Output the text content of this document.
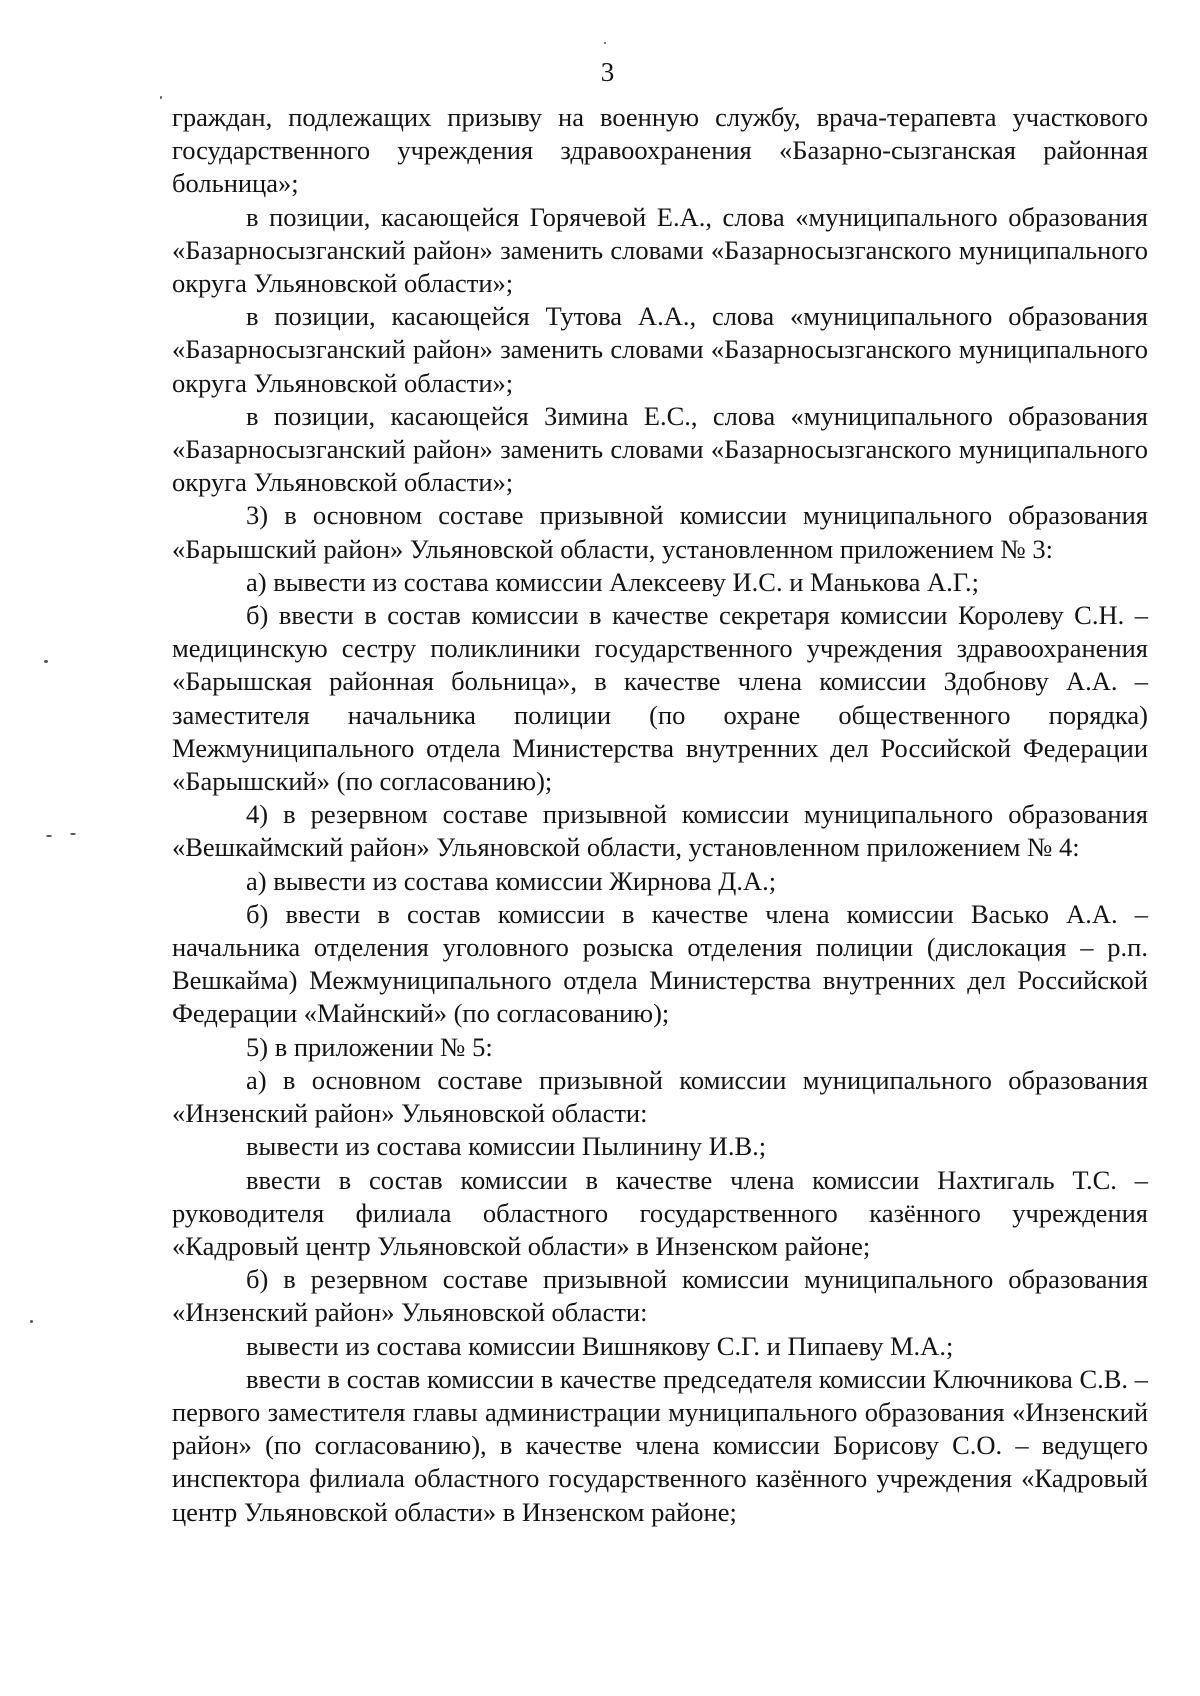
3

граждан, подлежащих призыву на военную службу, врача-терапевта участкового государственного учреждения здравоохранения «Базарно-сызганская районная больница»;

в позиции, касающейся Горячевой Е.А., слова «муниципального образования «Базарносызганский район» заменить словами «Базарносызганского муниципального округа Ульяновской области»;

в позиции, касающейся Тутова А.А., слова «муниципального образования «Базарносызганский район» заменить словами «Базарносызганского муниципального округа Ульяновской области»;

в позиции, касающейся Зимина Е.С., слова «муниципального образования «Базарносызганский район» заменить словами «Базарносызганского муниципального округа Ульяновской области»;

3) в основном составе призывной комиссии муниципального образования «Барышский район» Ульяновской области, установленном приложением № 3:

а) вывести из состава комиссии Алексееву И.С. и Манькова А.Г.;

б) ввести в состав комиссии в качестве секретаря комиссии Королеву С.Н. – медицинскую сестру поликлиники государственного учреждения здравоохранения «Барышская районная больница», в качестве члена комиссии Здобнову А.А. – заместителя начальника полиции (по охране общественного порядка) Межмуниципального отдела Министерства внутренних дел Российской Федерации «Барышский» (по согласованию);

4) в резервном составе призывной комиссии муниципального образования «Вешкаймский район» Ульяновской области, установленном приложением № 4:

а) вывести из состава комиссии Жирнова Д.А.;

б) ввести в состав комиссии в качестве члена комиссии Васько А.А. – начальника отделения уголовного розыска отделения полиции (дислокация – р.п. Вешкайма) Межмуниципального отдела Министерства внутренних дел Российской Федерации «Майнский» (по согласованию);

5) в приложении № 5:

а) в основном составе призывной комиссии муниципального образования «Инзенский район» Ульяновской области:

вывести из состава комиссии Пылинину И.В.;

ввести в состав комиссии в качестве члена комиссии Нахтигаль Т.С. – руководителя филиала областного государственного казённого учреждения «Кадровый центр Ульяновской области» в Инзенском районе;

б) в резервном составе призывной комиссии муниципального образования «Инзенский район» Ульяновской области:

вывести из состава комиссии Вишнякову С.Г. и Пипаеву М.А.;

ввести в состав комиссии в качестве председателя комиссии Ключникова С.В. – первого заместителя главы администрации муниципального образования «Инзенский район» (по согласованию), в качестве члена комиссии Борисову С.О. – ведущего инспектора филиала областного государственного казённого учреждения «Кадровый центр Ульяновской области» в Инзенском районе;
